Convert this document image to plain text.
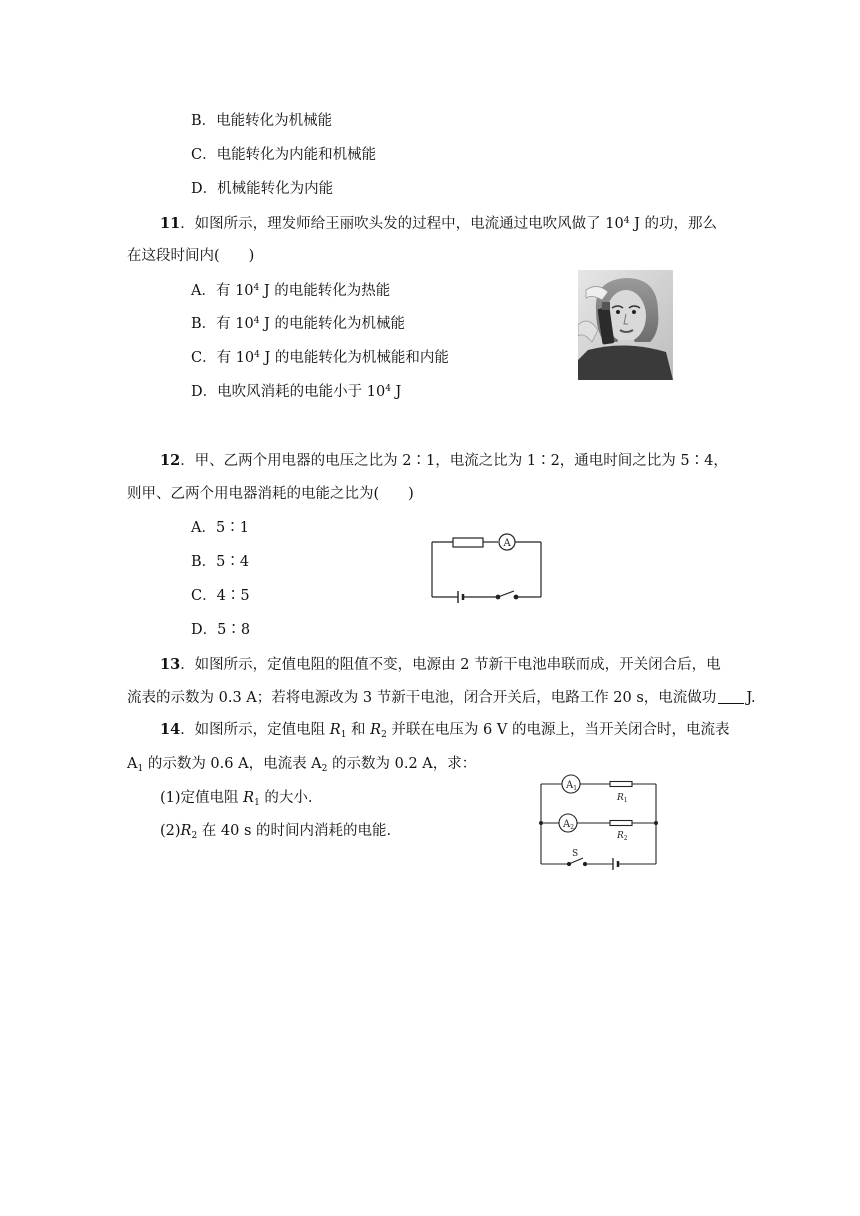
B．电能转化为机械能
C．电能转化为内能和机械能
D．机械能转化为内能
11．如图所示，理发师给王丽吹头发的过程中，电流通过电吹风做了 $10^4$ J 的功，那么
在这段时间内(　　)
A．有 $10^4$ J 的电能转化为热能
B．有 $10^4$ J 的电能转化为机械能
C．有 $10^4$ J 的电能转化为机械能和内能
D．电吹风消耗的电能小于 $10^4$ J
12．甲、乙两个用电器的电压之比为 2∶1，电流之比为 1∶2，通电时间之比为 5∶4，
则甲、乙两个用电器消耗的电能之比为(　　)
A．5∶1
B．5∶4
C．4∶5
D．5∶8
A
13．如图所示，定值电阻的阻值不变，电源由 2 节新干电池串联而成，开关闭合后，电
流表的示数为 0.3 A；若将电源改为 3 节新干电池，闭合开关后，电路工作 20 s，电流做功 J.
14．如图所示，定值电阻 $R_1$ 和 $R_2$ 并联在电压为 6 V 的电源上，当开关闭合时，电流表
$A_1$ 的示数为 0.6 A，电流表 $A_2$ 的示数为 0.2 A，求：
(1)定值电阻 $R_1$ 的大小.
$(2)R_2$ 在 40 s 的时间内消耗的电能.
$A_1$
$A_2$
$R_1$
$R_2$
S
